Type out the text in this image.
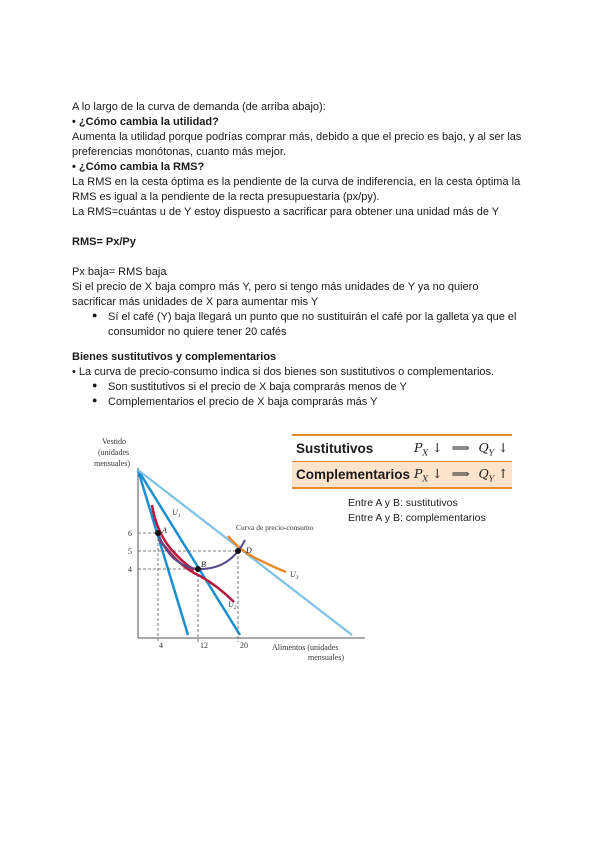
A lo largo de la curva de demanda (de arriba abajo):
• ¿Cómo cambia la utilidad?
Aumenta la utilidad porque podrías comprar más, debido a que el precio es bajo, y al ser las
preferencias monótonas, cuanto más mejor.
• ¿Cómo cambia la RMS?
La RMS en la cesta óptima es la pendiente de la curva de indiferencia, en la cesta óptima la
RMS es igual a la pendiente de la recta presupuestaria (px/py).
La RMS=cuántas u de Y estoy dispuesto a sacrificar para obtener una unidad más de Y
RMS= Px/Py
Px baja= RMS baja
Si el precio de X baja compro más Y, pero si tengo más unidades de Y ya no quiero
sacrificar más unidades de X para aumentar mis Y
● Sí el café (Y) baja llegará un punto que no sustituirán el café por la galleta ya que el
consumidor no quiere tener 20 cafés
Bienes sustitutivos y complementarios
• La curva de precio-consumo indica si dos bienes son sustitutivos o complementarios.
● Son sustitutivos si el precio de X baja comprarás menos de Y
● Complementarios el precio de X baja comprarás más Y
Sustitutivos	$P_X$ ↓ ⟹ $Q_Y$ ↓
Complementarios $P_X$ ↓ ⟹ $Q_Y$ ↑
Entre A y B: sustitutivos
Entre A y B: complementarios
Vestido
(unidades
mensuales)
Alimentos (unidades
mensuales)
A
B
D
Curva de precio-consumo
$U_1$
$U_2$
$U_3$
6
5
4
4	12	20
